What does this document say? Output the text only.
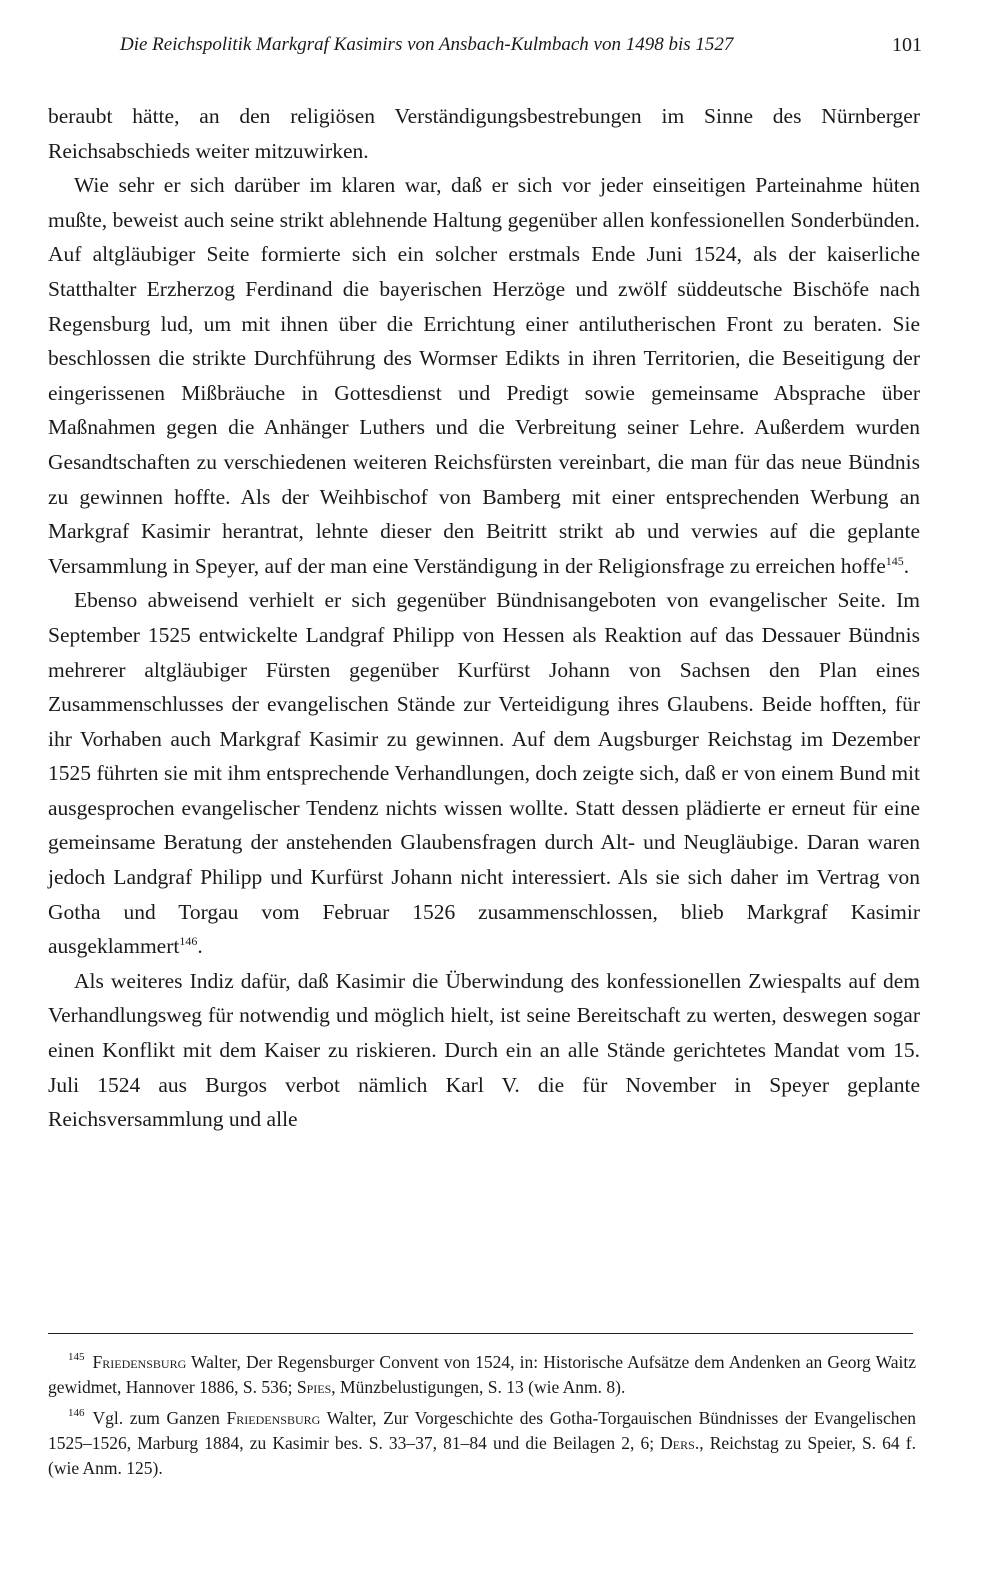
Die Reichspolitik Markgraf Kasimirs von Ansbach-Kulmbach von 1498 bis 1527	101

beraubt hätte, an den religiösen Verständigungsbestrebungen im Sinne des Nürnberger Reichsabschieds weiter mitzuwirken.

Wie sehr er sich darüber im klaren war, daß er sich vor jeder einseitigen Parteinahme hüten mußte, beweist auch seine strikt ablehnende Haltung gegenüber allen konfessionellen Sonderbünden. Auf altgläubiger Seite formierte sich ein solcher erstmals Ende Juni 1524, als der kaiserliche Statthalter Erzherzog Ferdinand die bayerischen Herzöge und zwölf süddeutsche Bischöfe nach Regensburg lud, um mit ihnen über die Errichtung einer antilutherischen Front zu beraten. Sie beschlossen die strikte Durchführung des Wormser Edikts in ihren Territorien, die Beseitigung der eingerissenen Mißbräuche in Gottesdienst und Predigt sowie gemeinsame Absprache über Maßnahmen gegen die Anhänger Luthers und die Verbreitung seiner Lehre. Außerdem wurden Gesandtschaften zu verschiedenen weiteren Reichsfürsten vereinbart, die man für das neue Bündnis zu gewinnen hoffte. Als der Weihbischof von Bamberg mit einer entsprechenden Werbung an Markgraf Kasimir herantrat, lehnte dieser den Beitritt strikt ab und verwies auf die geplante Versammlung in Speyer, auf der man eine Verständigung in der Religionsfrage zu erreichen hoffe$^{145}$.

Ebenso abweisend verhielt er sich gegenüber Bündnisangeboten von evangelischer Seite. Im September 1525 entwickelte Landgraf Philipp von Hessen als Reaktion auf das Dessauer Bündnis mehrerer altgläubiger Fürsten gegenüber Kurfürst Johann von Sachsen den Plan eines Zusammenschlusses der evangelischen Stände zur Verteidigung ihres Glaubens. Beide hofften, für ihr Vorhaben auch Markgraf Kasimir zu gewinnen. Auf dem Augsburger Reichstag im Dezember 1525 führten sie mit ihm entsprechende Verhandlungen, doch zeigte sich, daß er von einem Bund mit ausgesprochen evangelischer Tendenz nichts wissen wollte. Statt dessen plädierte er erneut für eine gemeinsame Beratung der anstehenden Glaubensfragen durch Alt- und Neugläubige. Daran waren jedoch Landgraf Philipp und Kurfürst Johann nicht interessiert. Als sie sich daher im Vertrag von Gotha und Torgau vom Februar 1526 zusammenschlossen, blieb Markgraf Kasimir ausgeklammert$^{146}$.

Als weiteres Indiz dafür, daß Kasimir die Überwindung des konfessionellen Zwiespalts auf dem Verhandlungsweg für notwendig und möglich hielt, ist seine Bereitschaft zu werten, deswegen sogar einen Konflikt mit dem Kaiser zu riskieren. Durch ein an alle Stände gerichtetes Mandat vom 15. Juli 1524 aus Burgos verbot nämlich Karl V. die für November in Speyer geplante Reichsversammlung und alle

$^{145}$ Friedensburg Walter, Der Regensburger Convent von 1524, in: Historische Aufsätze dem Andenken an Georg Waitz gewidmet, Hannover 1886, S. 536; Spies, Münzbelustigungen, S. 13 (wie Anm. 8).

$^{146}$ Vgl. zum Ganzen Friedensburg Walter, Zur Vorgeschichte des Gotha-Torgauischen Bündnisses der Evangelischen 1525–1526, Marburg 1884, zu Kasimir bes. S. 33–37, 81–84 und die Beilagen 2, 6; Ders., Reichstag zu Speier, S. 64 f. (wie Anm. 125).
